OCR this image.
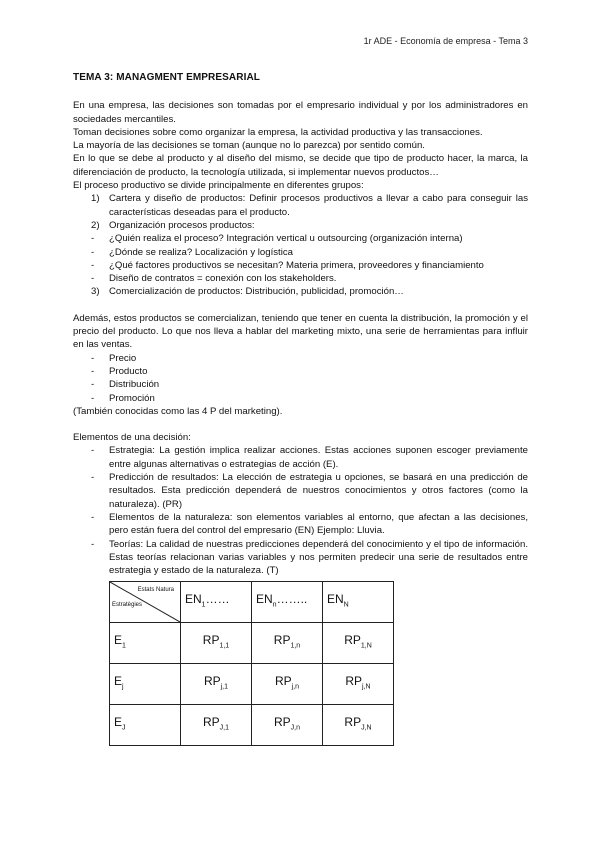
1r ADE - Economía de empresa - Tema 3
TEMA 3: MANAGMENT EMPRESARIAL

En una empresa, las decisiones son tomadas por el empresario individual y por los administradores en sociedades mercantiles.

Toman decisiones sobre como organizar la empresa, la actividad productiva y las transacciones.

La mayoría de las decisiones se toman (aunque no lo parezca) por sentido común.

En lo que se debe al producto y al diseño del mismo, se decide que tipo de producto hacer, la marca, la diferenciación de producto, la tecnología utilizada, si implementar nuevos productos…

El proceso productivo se divide principalmente en diferentes grupos:

1) Cartera y diseño de productos: Definir procesos productivos a llevar a cabo para conseguir las características deseadas para el producto.
2) Organización procesos productos:
- ¿Quién realiza el proceso? Integración vertical u outsourcing (organización interna)
- ¿Dónde se realiza? Localización y logística
- ¿Qué factores productivos se necesitan? Materia primera, proveedores y financiamiento
- Diseño de contratos = conexión con los stakeholders.
3) Comercialización de productos: Distribución, publicidad, promoción…

Además, estos productos se comercializan, teniendo que tener en cuenta la distribución, la promoción y el precio del producto. Lo que nos lleva a hablar del marketing mixto, una serie de herramientas para influir en las ventas.

- Precio
- Producto
- Distribución
- Promoción

(También conocidas como las 4 P del marketing).

Elementos de una decisión:

- Estrategia: La gestión implica realizar acciones. Estas acciones suponen escoger previamente entre algunas alternativas o estrategias de acción (E).
- Predicción de resultados: La elección de estrategia u opciones, se basará en una predicción de resultados. Esta predicción dependerá de nuestros conocimientos y otros factores (como la naturaleza). (PR)
- Elementos de la naturaleza: son elementos variables al entorno, que afectan a las decisiones, pero están fuera del control del empresario (EN) Ejemplo: Lluvia.
- Teorías: La calidad de nuestras predicciones dependerá del conocimiento y el tipo de información. Estas teorías relacionan varias variables y nos permiten predecir una serie de resultados entre estrategia y estado de la naturaleza. (T)
Estats Natura
Estratègies	$EN_1\dots\dots$	$EN_n\dots\dots$..	$EN_N$
$E_1$	$RP_{1,1}$	$RP_{1,n}$	$RP_{1,N}$
$E_j$	$RP_{j,1}$	$RP_{j,n}$	$RP_{j,N}$
$E_J$	$RP_{J,1}$	$RP_{J,n}$	$RP_{J,N}$
